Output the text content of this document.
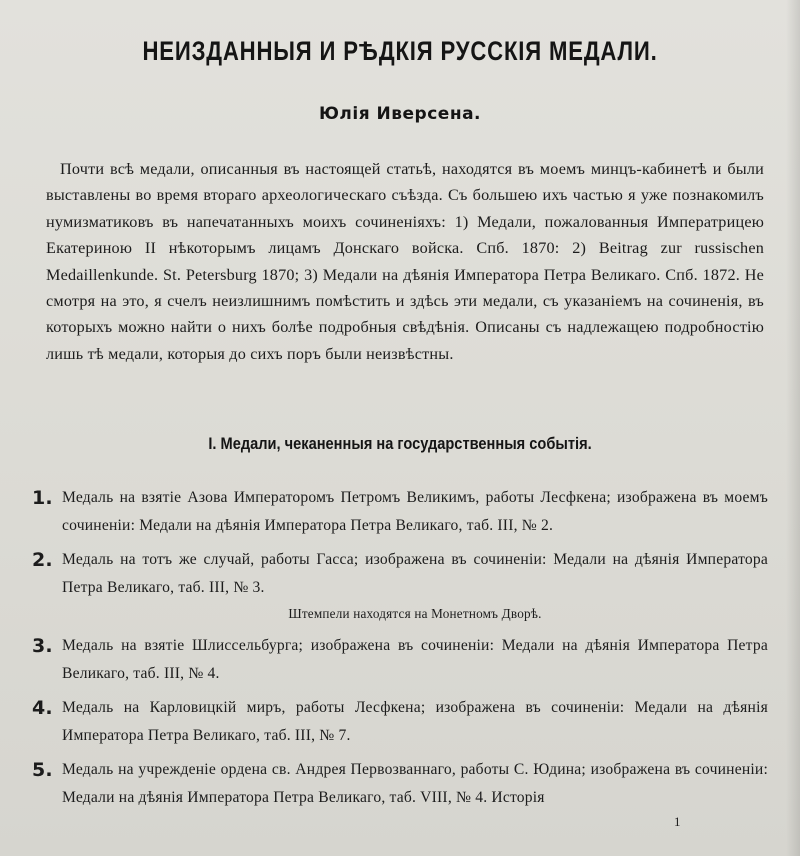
НЕИЗДАННЫЯ И РѢДКІЯ РУССКІЯ МЕДАЛИ.
Юлія Иверсена.
Почти всѣ медали, описанныя въ настоящей статьѣ, находятся въ моемъ минцъ-кабинетѣ и были выставлены во время втораго археологическаго съѣзда. Съ большею ихъ частью я уже познакомилъ нумизматиковъ въ напечатанныхъ моихъ сочиненіяхъ: 1) Медали, пожалованныя Императрицею Екатериною II нѣкоторымъ лицамъ Донскаго войска. Спб. 1870: 2) Beitrag zur russischen Medaillenkunde. St. Petersburg 1870; 3) Медали на дѣянія Императора Петра Великаго. Спб. 1872. Не смотря на это, я счелъ неизлишнимъ помѣстить и здѣсь эти медали, съ указаніемъ на сочиненія, въ которыхъ можно найти о нихъ болѣе подробныя свѣдѣнія. Описаны съ надлежащею подробностію лишь тѣ медали, которыя до сихъ поръ были неизвѣстны.
I. Медали, чеканенныя на государственныя событія.
1. Медаль на взятіе Азова Императоромъ Петромъ Великимъ, работы Лесфкена; изображена въ моемъ сочиненіи: Медали на дѣянія Императора Петра Великаго, таб. III, № 2.
2. Медаль на тотъ же случай, работы Гасса; изображена въ сочиненіи: Медали на дѣянія Императора Петра Великаго, таб. III, № 3.
Штемпели находятся на Монетномъ Дворѣ.
3. Медаль на взятіе Шлиссельбурга; изображена въ сочиненіи: Медали на дѣянія Императора Петра Великаго, таб. III, № 4.
4. Медаль на Карловицкій миръ, работы Лесфкена; изображена въ сочиненіи: Медали на дѣянія Императора Петра Великаго, таб. III, № 7.
5. Медаль на учрежденіе ордена св. Андрея Первозваннаго, работы С. Юдина; изображена въ сочиненіи: Медали на дѣянія Императора Петра Великаго, таб. VIII, № 4. Исторія
1
